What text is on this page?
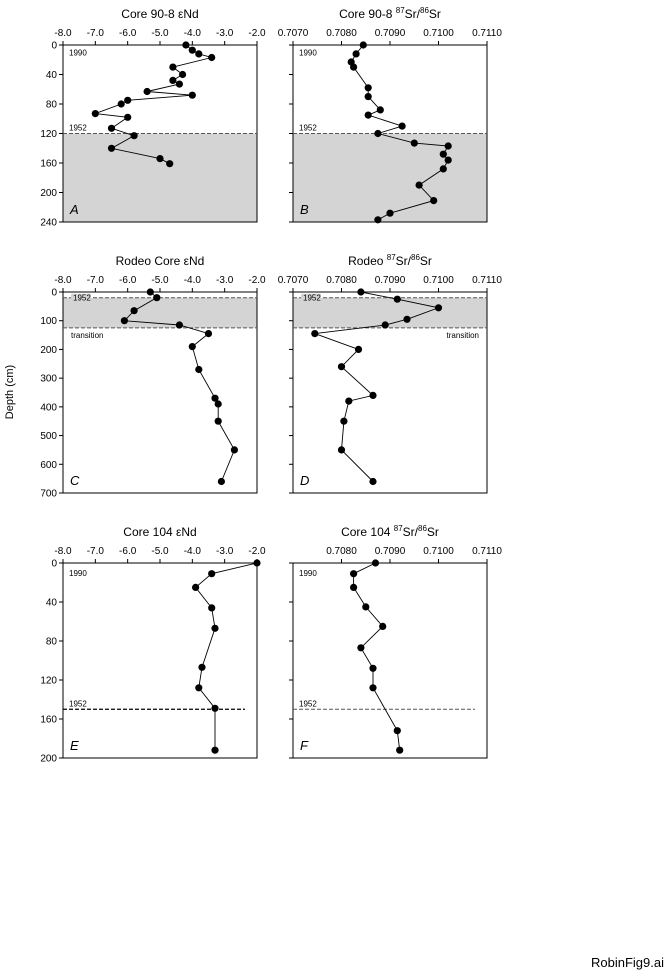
Core 90-8 εNd
-8.0 -7.0 -6.0 -5.0 -4.0 -3.0 -2.0
0
40
80
120
160
200
240
1952
1990
A
Core 90-8 $^{87}$Sr/$^{86}$Sr
0.7070 0.7080 0.7090 0.7100 0.7110
1952
1990
B
Rodeo Core εNd
-8.0 -7.0 -6.0 -5.0 -4.0 -3.0 -2.0
0
100
200
300
400
500
600
700
1952
transition
C
Rodeo $^{87}$Sr/$^{86}$Sr
0.7070 0.7080 0.7090 0.7100 0.7110
1952
transition
D
Core 104 εNd
-8.0 -7.0 -6.0 -5.0 -4.0 -3.0 -2.0
0
40
80
120
160
200
1952
1990
E
Core 104 $^{87}$Sr/$^{86}$Sr
0.7080 0.7090 0.7100 0.7110
1952
1990
F
Depth (cm)
RobinFig9.ai
